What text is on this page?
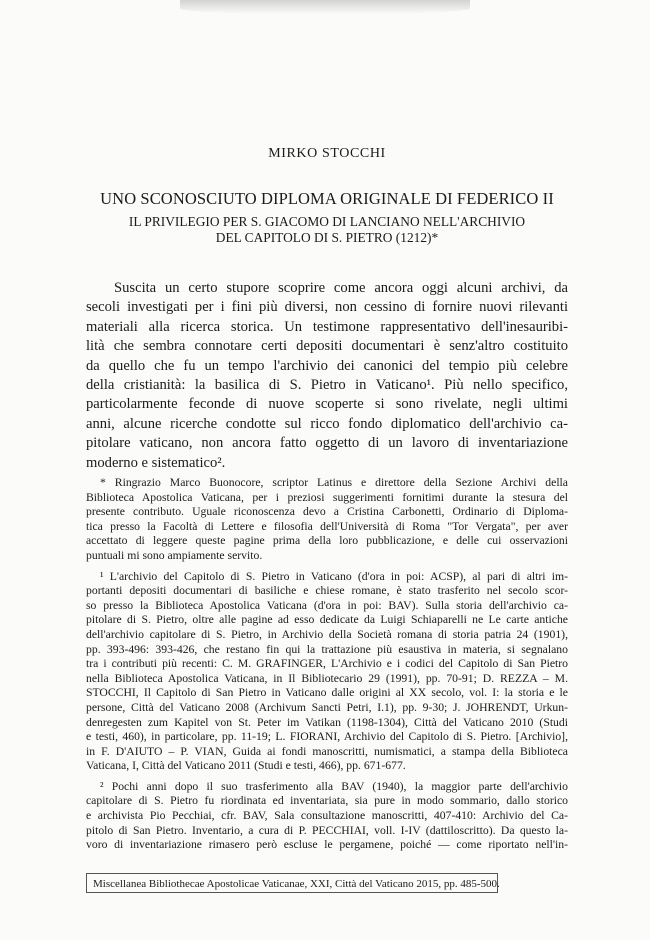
MIRKO STOCCHI
UNO SCONOSCIUTO DIPLOMA ORIGINALE DI FEDERICO II
IL PRIVILEGIO PER S. GIACOMO DI LANCIANO NELL'ARCHIVIO
DEL CAPITOLO DI S. PIETRO (1212)*
Suscita un certo stupore scoprire come ancora oggi alcuni archivi, da
secoli investigati per i fini più diversi, non cessino di fornire nuovi rilevanti
materiali alla ricerca storica. Un testimone rappresentativo dell'inesauribi-
lità che sembra connotare certi depositi documentari è senz'altro costituito
da quello che fu un tempo l'archivio dei canonici del tempio più celebre
della cristianità: la basilica di S. Pietro in Vaticano¹. Più nello specifico,
particolarmente feconde di nuove scoperte si sono rivelate, negli ultimi
anni, alcune ricerche condotte sul ricco fondo diplomatico dell'archivio ca-
pitolare vaticano, non ancora fatto oggetto di un lavoro di inventariazione
moderno e sistematico².
* Ringrazio Marco Buonocore, scriptor Latinus e direttore della Sezione Archivi della
Biblioteca Apostolica Vaticana, per i preziosi suggerimenti fornitimi durante la stesura del
presente contributo. Uguale riconoscenza devo a Cristina Carbonetti, Ordinario di Diploma-
tica presso la Facoltà di Lettere e filosofia dell'Università di Roma "Tor Vergata", per aver
accettato di leggere queste pagine prima della loro pubblicazione, e delle cui osservazioni
puntuali mi sono ampiamente servito.
¹ L'archivio del Capitolo di S. Pietro in Vaticano (d'ora in poi: ACSP), al pari di altri im-
portanti depositi documentari di basiliche e chiese romane, è stato trasferito nel secolo scor-
so presso la Biblioteca Apostolica Vaticana (d'ora in poi: BAV). Sulla storia dell'archivio ca-
pitolare di S. Pietro, oltre alle pagine ad esso dedicate da Luigi Schiaparelli ne Le carte antiche
dell'archivio capitolare di S. Pietro, in Archivio della Società romana di storia patria 24 (1901),
pp. 393-496: 393-426, che restano fin qui la trattazione più esaustiva in materia, si segnalano
tra i contributi più recenti: C. M. GRAFINGER, L'Archivio e i codici del Capitolo di San Pietro
nella Biblioteca Apostolica Vaticana, in Il Bibliotecario 29 (1991), pp. 70-91; D. REZZA – M.
STOCCHI, Il Capitolo di San Pietro in Vaticano dalle origini al XX secolo, vol. I: la storia e le
persone, Città del Vaticano 2008 (Archivum Sancti Petri, I.1), pp. 9-30; J. JOHRENDT, Urkun-
denregesten zum Kapitel von St. Peter im Vatikan (1198-1304), Città del Vaticano 2010 (Studi
e testi, 460), in particolare, pp. 11-19; L. FIORANI, Archivio del Capitolo di S. Pietro. [Archivio],
in F. D'AIUTO – P. VIAN, Guida ai fondi manoscritti, numismatici, a stampa della Biblioteca
Vaticana, I, Città del Vaticano 2011 (Studi e testi, 466), pp. 671-677.
² Pochi anni dopo il suo trasferimento alla BAV (1940), la maggior parte dell'archivio
capitolare di S. Pietro fu riordinata ed inventariata, sia pure in modo sommario, dallo storico
e archivista Pio Pecchiai, cfr. BAV, Sala consultazione manoscritti, 407-410: Archivio del Ca-
pitolo di San Pietro. Inventario, a cura di P. PECCHIAI, voll. I-IV (dattiloscritto). Da questo la-
voro di inventariazione rimasero però escluse le pergamene, poiché — come riportato nell'in-
Miscellanea Bibliothecae Apostolicae Vaticanae, XXI, Città del Vaticano 2015, pp. 485-500.
